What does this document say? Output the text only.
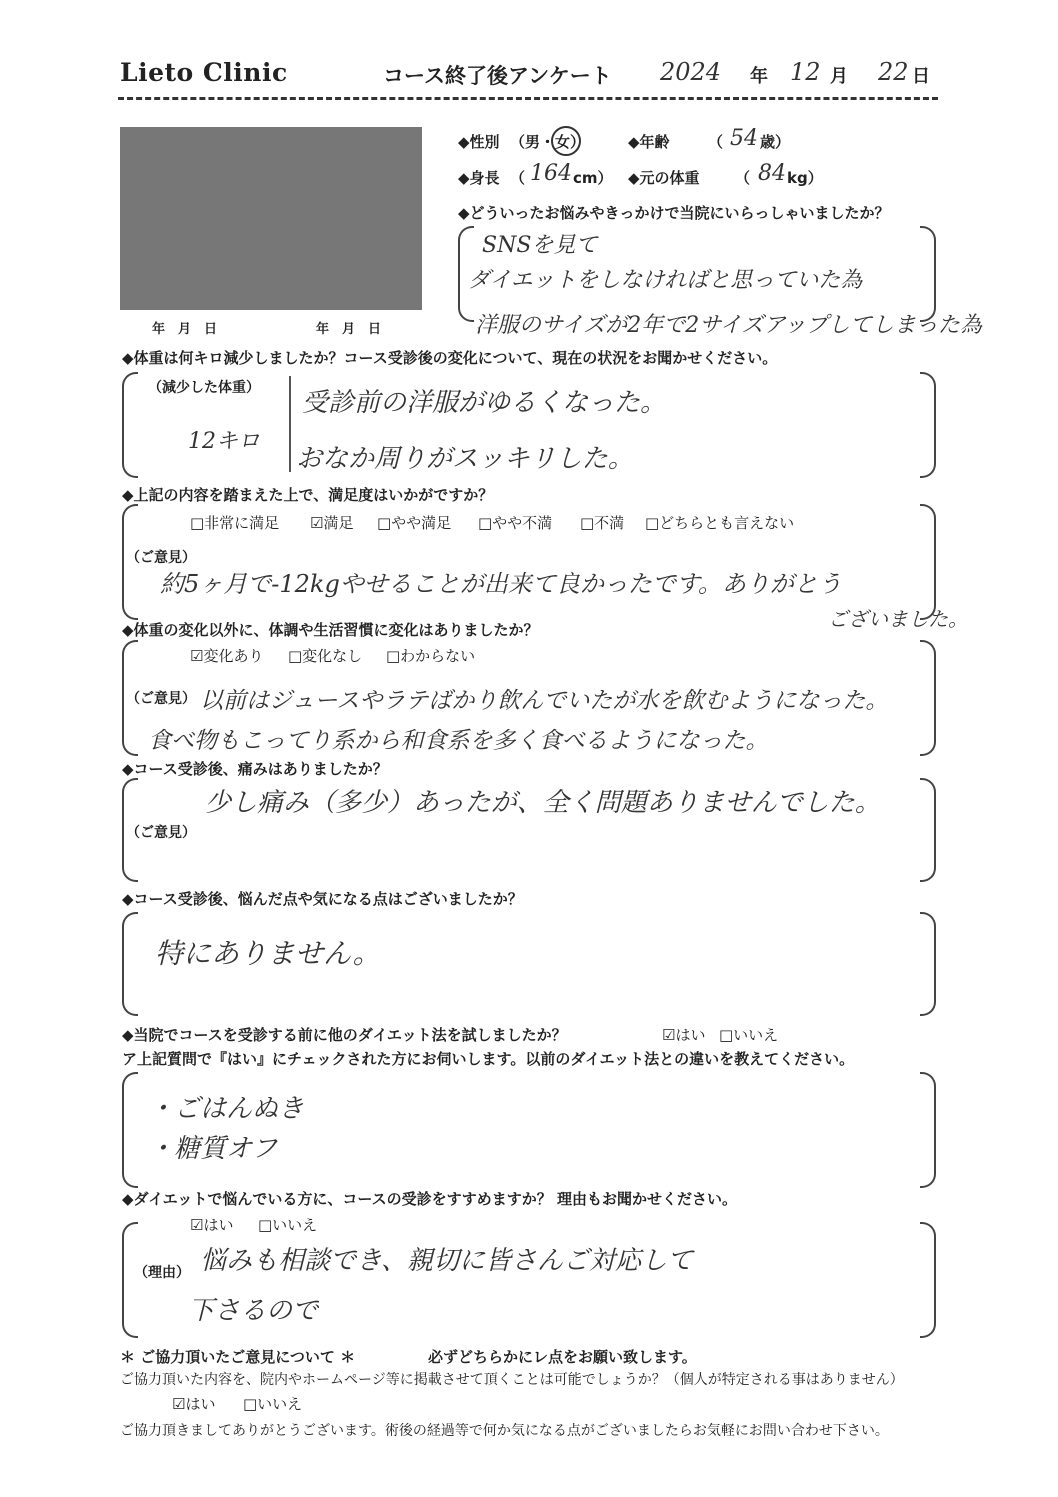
Lieto Clinic	コース終了後アンケート 2024 年 12 月 22 日
年　月　日	年　月　日
◆性別 （男・女）	◆年齢	（ 54 歳）
◆身長 （ 164 cm） ◆元の体重 （ 84 kg）
◆どういったお悩みやきっかけで当院にいらっしゃいましたか？
SNSを見て
ダイエットをしなければと思っていた為
洋服のサイズが2年で2サイズアップしてしまった為
◆体重は何キロ減少しましたか？コース受診後の変化について、現在の状況をお聞かせください。
（減少した体重）
12キロ
受診前の洋服がゆるくなった。
おなか周りがスッキリした。
◆上記の内容を踏まえた上で、満足度はいかがですか？
□非常に満足 ☑満足 □やや満足 □やや不満 □不満 □どちらとも言えない
（ご意見）
約5ヶ月で-12kgやせることが出来て良かったです。ありがとう
ございました。
◆体重の変化以外に、体調や生活習慣に変化はありましたか？
☑変化あり □変化なし □わからない
（ご意見） 以前はジュースやラテばかり飲んでいたが水を飲むようになった。
食べ物もこってり系から和食系を多く食べるようになった。
◆コース受診後、痛みはありましたか？
少し痛み（多少）あったが、全く問題ありませんでした。
（ご意見）
◆コース受診後、悩んだ点や気になる点はございましたか？
特にありません。
◆当院でコースを受診する前に他のダイエット法を試しましたか？	☑はい □いいえ
ア上記質問で『はい』にチェックされた方にお伺いします。以前のダイエット法との違いを教えてください。
・ごはんぬき
・糖質オフ
◆ダイエットで悩んでいる方に、コースの受診をすすめますか？ 理由もお聞かせください。
☑はい □いいえ
（理由） 悩みも相談でき、親切に皆さんご対応して
下さるので
＊ ご協力頂いたご意見について ＊	必ずどちらかにレ点をお願い致します。
ご協力頂いた内容を、院内やホームページ等に掲載させて頂くことは可能でしょうか？（個人が特定される事はありません）
☑はい □いいえ
ご協力頂きましてありがとうございます。術後の経過等で何か気になる点がございましたらお気軽にお問い合わせ下さい。
